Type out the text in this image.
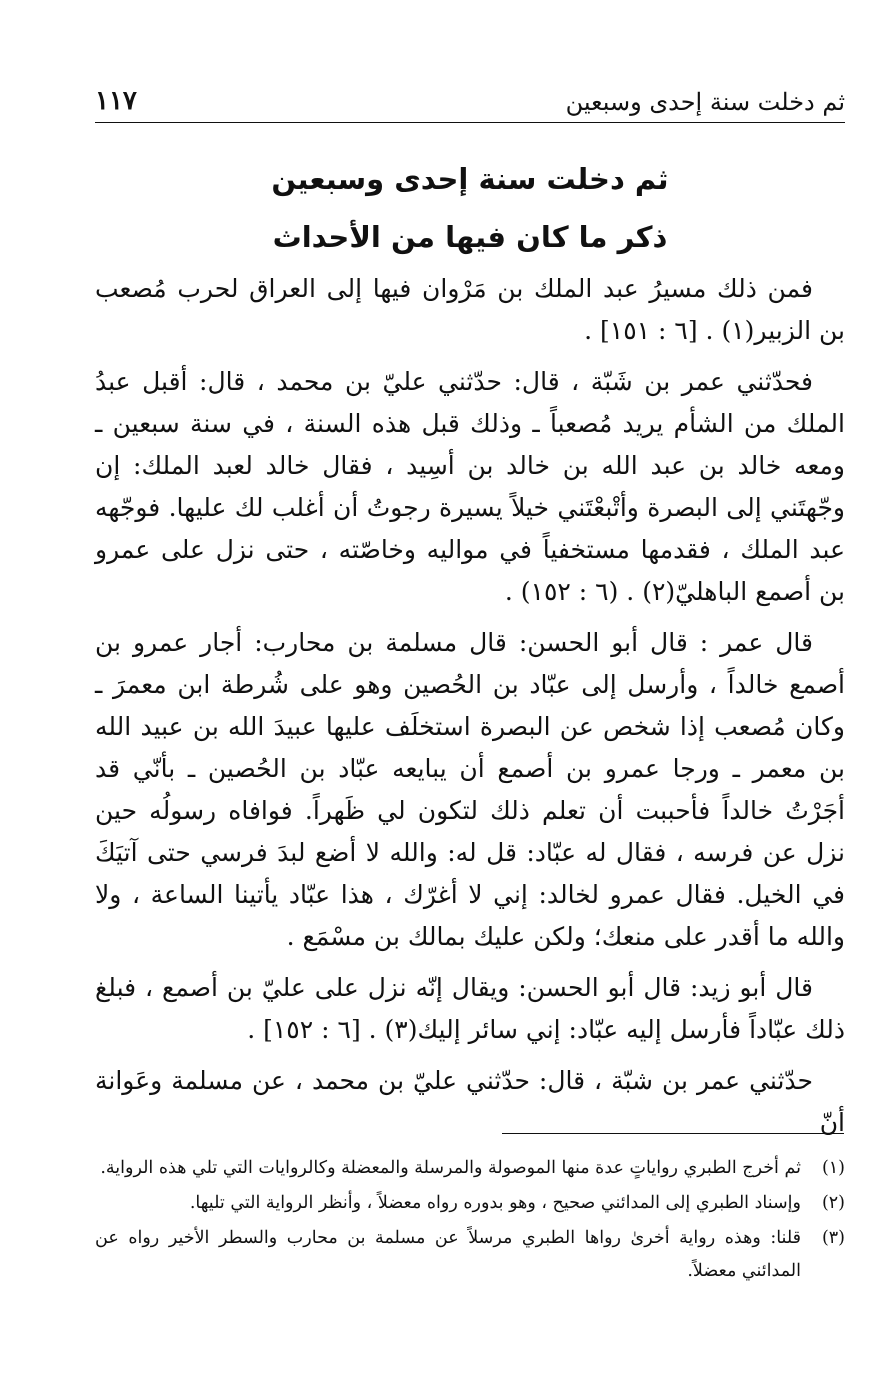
ثم دخلت سنة إحدى وسبعين
١١٧
ثم دخلت سنة إحدى وسبعين
ذكر ما كان فيها من الأحداث

فمن ذلك مسيرُ عبد الملك بن مَرْوان فيها إلى العراق لحرب مُصعب بن الزبير(١) . [٦ : ١٥١] .

فحدّثني عمر بن شَبّة ، قال: حدّثني عليّ بن محمد ، قال: أقبل عبدُ الملك من الشأم يريد مُصعباً ـ وذلك قبل هذه السنة ، في سنة سبعين ـ ومعه خالد بن عبد الله بن خالد بن أسِيد ، فقال خالد لعبد الملك: إن وجّهتَني إلى البصرة وأتْبعْتَني خيلاً يسيرة رجوتُ أن أغلب لك عليها. فوجّهه عبد الملك ، فقدمها مستخفياً في مواليه وخاصّته ، حتى نزل على عمرو بن أصمع الباهليّ(٢) . (٦ : ١٥٢) .

قال عمر : قال أبو الحسن: قال مسلمة بن محارب: أجار عمرو بن أصمع خالداً ، وأرسل إلى عبّاد بن الحُصين وهو على شُرطة ابن معمرَ ـ وكان مُصعب إذا شخص عن البصرة استخلَف عليها عبيدَ الله بن عبيد الله بن معمر ـ ورجا عمرو بن أصمع أن يبايعه عبّاد بن الحُصين ـ بأنّي قد أجَرْتُ خالداً فأحببت أن تعلم ذلك لتكون لي ظَهراً. فوافاه رسولُه حين نزل عن فرسه ، فقال له عبّاد: قل له: والله لا أضع لبدَ فرسي حتى آتيَكَ في الخيل. فقال عمرو لخالد: إني لا أغرّك ، هذا عبّاد يأتينا الساعة ، ولا والله ما أقدر على منعك؛ ولكن عليك بمالك بن مسْمَع .

قال أبو زيد: قال أبو الحسن: ويقال إنّه نزل على عليّ بن أصمع ، فبلغ ذلك عبّاداً فأرسل إليه عبّاد: إني سائر إليك(٣) . [٦ : ١٥٢] .

حدّثني عمر بن شبّة ، قال: حدّثني عليّ بن محمد ، عن مسلمة وعَوانة أنّ

(١)
ثم أخرج الطبري رواياتٍ عدة منها الموصولة والمرسلة والمعضلة وكالروايات التي تلي هذه الرواية.
(٢)
وإسناد الطبري إلى المدائني صحيح ، وهو بدوره رواه معضلاً ، وأنظر الرواية التي تليها.
(٣)
قلنا: وهذه رواية أخرىٰ رواها الطبري مرسلاً عن مسلمة بن محارب والسطر الأخير رواه عن المدائني معضلاً.
